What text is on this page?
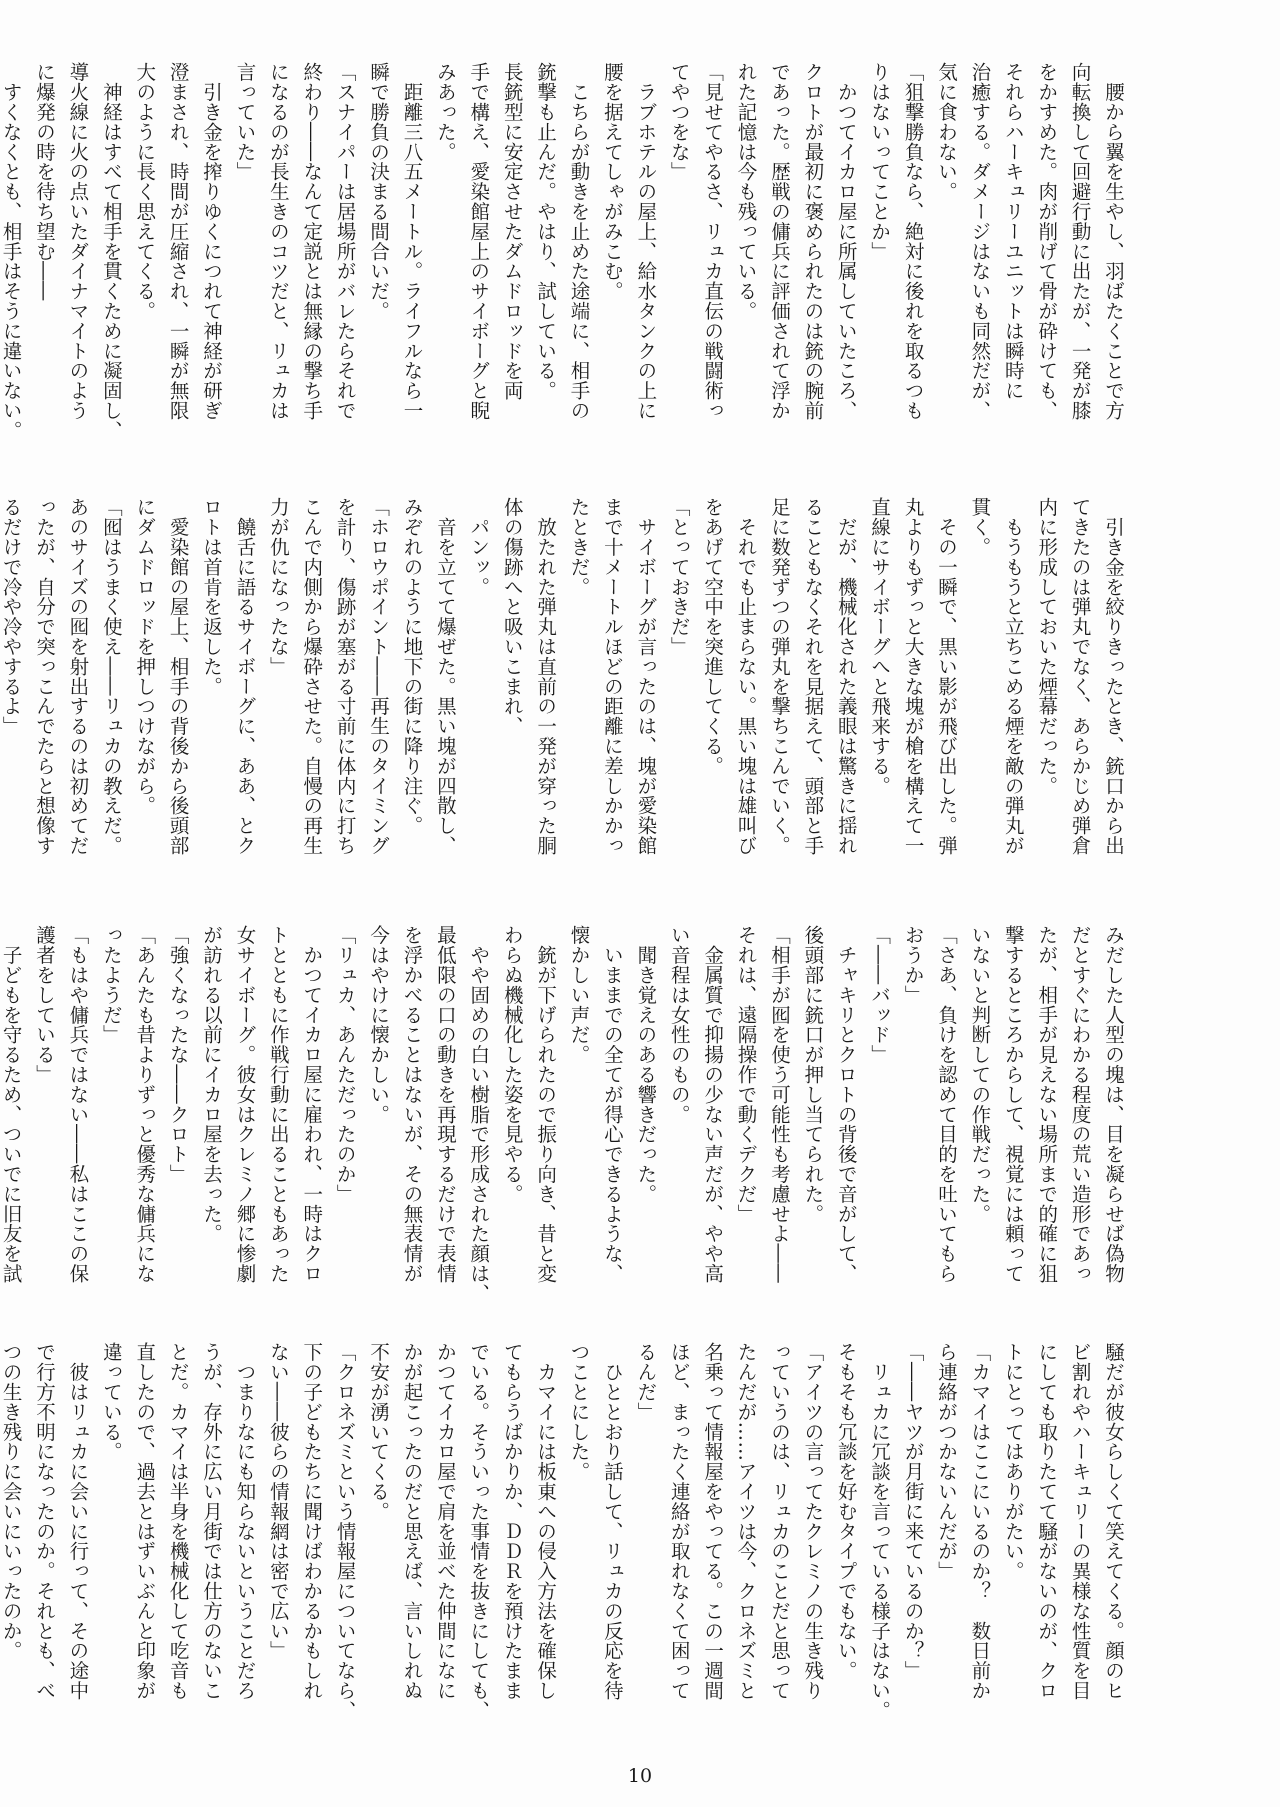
　腰から翼を生やし、羽ばたくことで方
向転換して回避行動に出たが、一発が膝
をかすめた。肉が削げて骨が砕けても、
それらハーキュリーユニットは瞬時に
治癒する。ダメージはないも同然だが、
気に食わない。
「狙撃勝負なら、絶対に後れを取るつも
りはないってことか」
　かつてイカロ屋に所属していたころ、
クロトが最初に褒められたのは銃の腕前
であった。歴戦の傭兵に評価されて浮か
れた記憶は今も残っている。
「見せてやるさ、リュカ直伝の戦闘術っ
てやつをな」
　ラブホテルの屋上、給水タンクの上に
腰を据えてしゃがみこむ。
　こちらが動きを止めた途端に、相手の
銃撃も止んだ。やはり、試している。
長銃型に安定させたダムドロッドを両
手で構え、愛染館屋上のサイボーグと睨
みあった。
　距離三八五メートル。ライフルなら一
瞬で勝負の決まる間合いだ。
「スナイパーは居場所がバレたらそれで
終わり――なんて定説とは無縁の撃ち手
になるのが長生きのコツだと、リュカは
言っていた」
　引き金を搾りゆくにつれて神経が研ぎ
澄まされ、時間が圧縮され、一瞬が無限
大のように長く思えてくる。
　神経はすべて相手を貫くために凝固し、
導火線に火の点いたダイナマイトのよう
に爆発の時を待ち望む――
　すくなくとも、相手はそうに違いない。
　引き金を絞りきったとき、銃口から出
てきたのは弾丸でなく、あらかじめ弾倉
内に形成しておいた煙幕だった。
　もうもうと立ちこめる煙を敵の弾丸が
貫く。
　その一瞬で、黒い影が飛び出した。弾
丸よりもずっと大きな塊が槍を構えて一
直線にサイボーグへと飛来する。
　だが、機械化された義眼は驚きに揺れ
ることもなくそれを見据えて、頭部と手
足に数発ずつの弾丸を撃ちこんでいく。
　それでも止まらない。黒い塊は雄叫び
をあげて空中を突進してくる。
「とっておきだ」
　サイボーグが言ったのは、塊が愛染館
まで十メートルほどの距離に差しかかっ
たときだ。
　放たれた弾丸は直前の一発が穿った胴
体の傷跡へと吸いこまれ、
　パンッ。
　音を立てて爆ぜた。黒い塊が四散し、
みぞれのように地下の街に降り注ぐ。
「ホロウポイント――再生のタイミング
を計り、傷跡が塞がる寸前に体内に打ち
こんで内側から爆砕させた。自慢の再生
力が仇になったな」
　饒舌に語るサイボーグに、ああ、とク
ロトは首肯を返した。
　愛染館の屋上、相手の背後から後頭部
にダムドロッドを押しつけながら。
「囮はうまく使え――リュカの教えだ。
あのサイズの囮を射出するのは初めてだ
ったが、自分で突っこんでたらと想像す
るだけで冷や冷やするよ」
みだした人型の塊は、目を凝らせば偽物
だとすぐにわかる程度の荒い造形であっ
たが、相手が見えない場所まで的確に狙
撃するところからして、視覚には頼って
いないと判断しての作戦だった。
「さあ、負けを認めて目的を吐いてもら
おうか」
「――バッド」
　チャキリとクロトの背後で音がして、
後頭部に銃口が押し当てられた。
「相手が囮を使う可能性も考慮せよ――
それは、遠隔操作で動くデクだ」
　金属質で抑揚の少ない声だが、やや高
い音程は女性のもの。
　聞き覚えのある響きだった。
　いままでの全てが得心できるような、
懐かしい声だ。
　銃が下げられたので振り向き、昔と変
わらぬ機械化した姿を見やる。
　やや固めの白い樹脂で形成された顔は、
最低限の口の動きを再現するだけで表情
を浮かべることはないが、その無表情が
今はやけに懐かしい。
「リュカ、あんただったのか」
　かつてイカロ屋に雇われ、一時はクロ
トとともに作戦行動に出ることもあった
女サイボーグ。彼女はクレミノ郷に惨劇
が訪れる以前にイカロ屋を去った。
「強くなったな――クロト」
「あんたも昔よりずっと優秀な傭兵にな
ったようだ」
「もはや傭兵ではない――私はここの保
護者をしている」
　子どもを守るため、ついでに旧友を試
騒だが彼女らしくて笑えてくる。顔のヒ
ビ割れやハーキュリーの異様な性質を目
にしても取りたてて騒がないのが、クロ
トにとってはありがたい。
「カマイはここにいるのか？　数日前か
ら連絡がつかないんだが」
「――ヤツが月街に来ているのか？」
　リュカに冗談を言っている様子はない。
そもそも冗談を好むタイプでもない。
「アイツの言ってたクレミノの生き残り
っていうのは、リュカのことだと思って
たんだが……アイツは今、クロネズミと
名乗って情報屋をやってる。この一週間
ほど、まったく連絡が取れなくて困って
るんだ」
　ひととおり話して、リュカの反応を待
つことにした。
　カマイには板東への侵入方法を確保し
てもらうばかりか、ＤＤＲを預けたまま
でいる。そういった事情を抜きにしても、
かつてイカロ屋で肩を並べた仲間になに
かが起こったのだと思えば、言いしれぬ
不安が湧いてくる。
「クロネズミという情報屋についてなら、
下の子どもたちに聞けばわかるかもしれ
ない――彼らの情報網は密で広い」
　つまりなにも知らないということだろ
うが、存外に広い月街では仕方のないこ
とだ。カマイは半身を機械化して吃音も
直したので、過去とはずいぶんと印象が
違っている。
　彼はリュカに会いに行って、その途中
で行方不明になったのか。それとも、べ
つの生き残りに会いにいったのか。
10
